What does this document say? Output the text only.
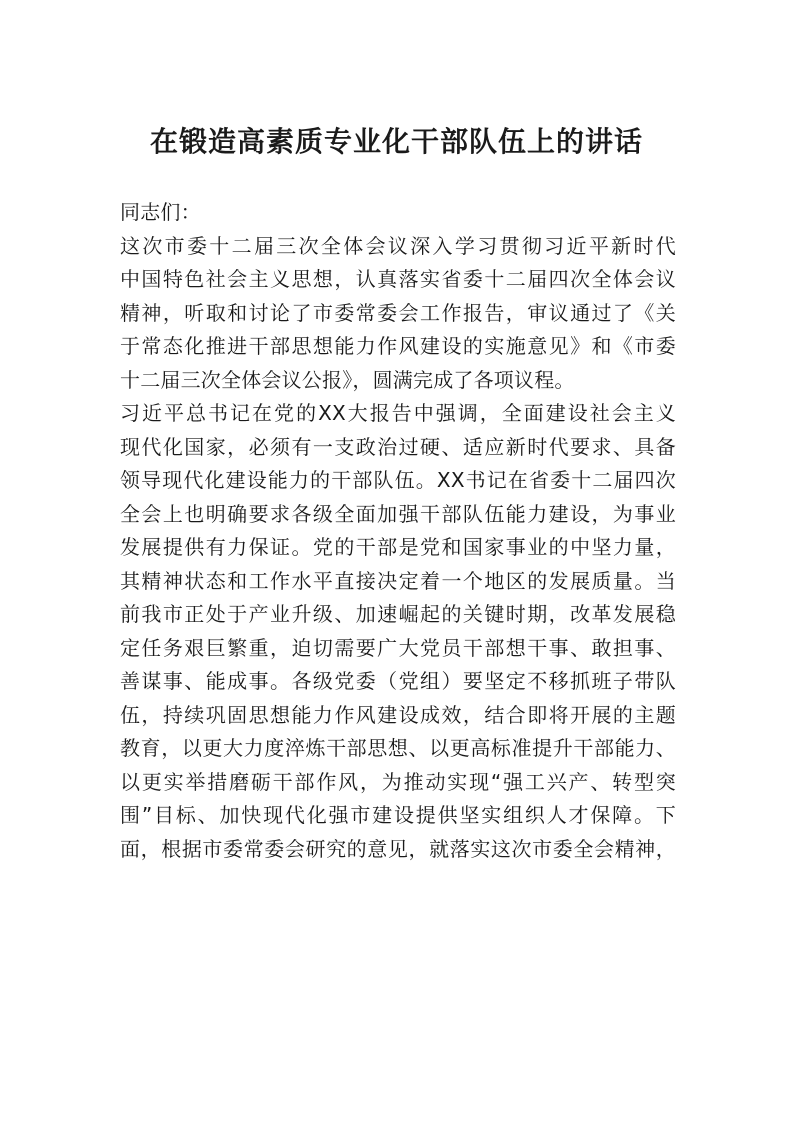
在锻造高素质专业化干部队伍上的讲话
同志们：
这次市委十二届三次全体会议深入学习贯彻习近平新时代
中国特色社会主义思想，认真落实省委十二届四次全体会议
精神，听取和讨论了市委常委会工作报告，审议通过了《关
于常态化推进干部思想能力作风建设的实施意见》和《市委
十二届三次全体会议公报》，圆满完成了各项议程。
习近平总书记在党的XX大报告中强调，全面建设社会主义
现代化国家，必须有一支政治过硬、适应新时代要求、具备
领导现代化建设能力的干部队伍。XX书记在省委十二届四次
全会上也明确要求各级全面加强干部队伍能力建设，为事业
发展提供有力保证。党的干部是党和国家事业的中坚力量，
其精神状态和工作水平直接决定着一个地区的发展质量。当
前我市正处于产业升级、加速崛起的关键时期，改革发展稳
定任务艰巨繁重，迫切需要广大党员干部想干事、敢担事、
善谋事、能成事。各级党委（党组）要坚定不移抓班子带队
伍，持续巩固思想能力作风建设成效，结合即将开展的主题
教育，以更大力度淬炼干部思想、以更高标准提升干部能力、
以更实举措磨砺干部作风，为推动实现“强工兴产、转型突
围”目标、加快现代化强市建设提供坚实组织人才保障。下
面，根据市委常委会研究的意见，就落实这次市委全会精神，
